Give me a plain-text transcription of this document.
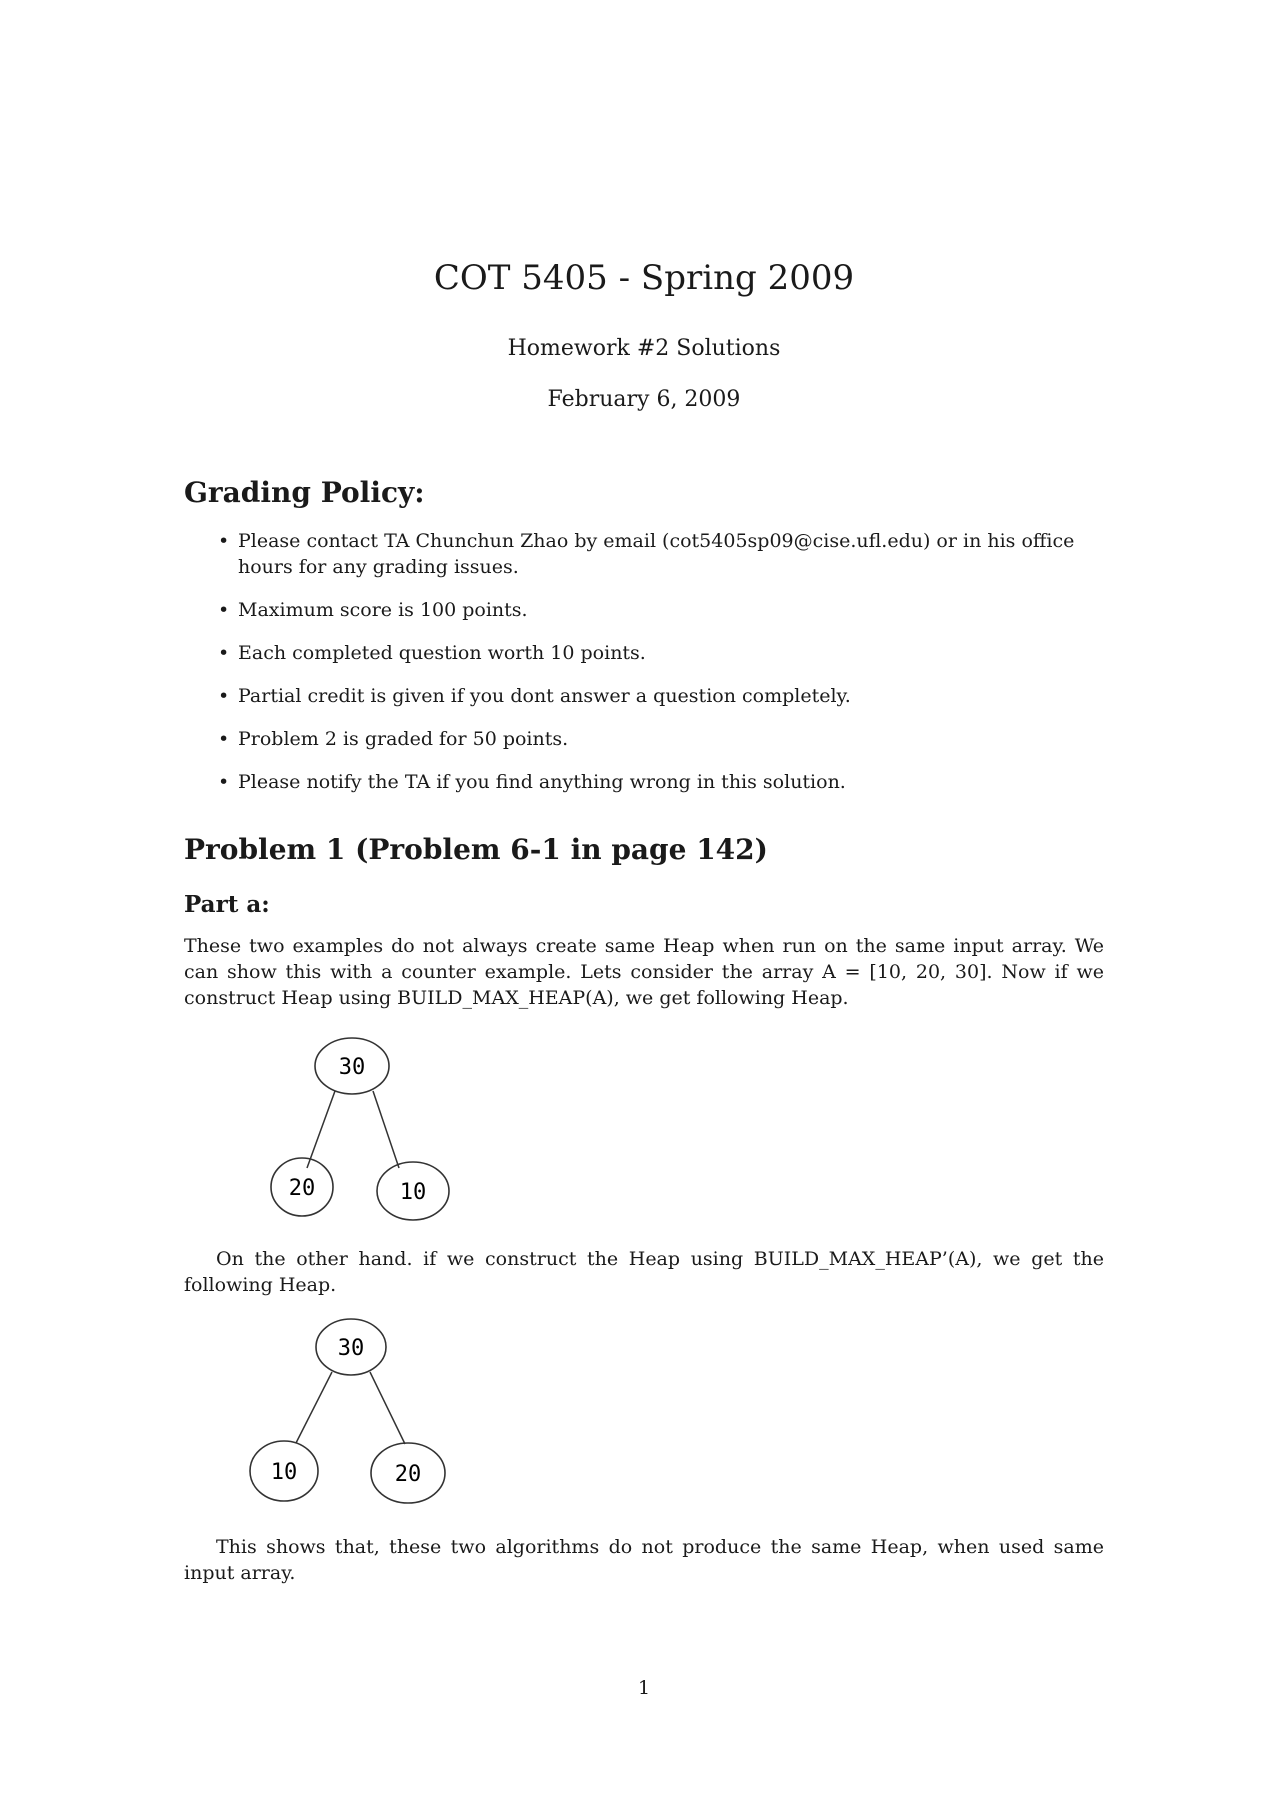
COT 5405 - Spring 2009
Homework #2 Solutions
February 6, 2009
Grading Policy:
• Please contact TA Chunchun Zhao by email (cot5405sp09@cise.ufl.edu) or in his office hours for any grading issues.
• Maximum score is 100 points.
• Each completed question worth 10 points.
• Partial credit is given if you dont answer a question completely.
• Problem 2 is graded for 50 points.
• Please notify the TA if you find anything wrong in this solution.
Problem 1 (Problem 6-1 in page 142)
Part a:
These two examples do not always create same Heap when run on the same input array. We can show this with a counter example. Lets consider the array A = [10, 20, 30]. Now if we construct Heap using BUILD_MAX_HEAP(A), we get following Heap.
30
20	10
On the other hand. if we construct the Heap using BUILD_MAX_HEAP’(A), we get the following Heap.
30
10	20
This shows that, these two algorithms do not produce the same Heap, when used same input array.
1
